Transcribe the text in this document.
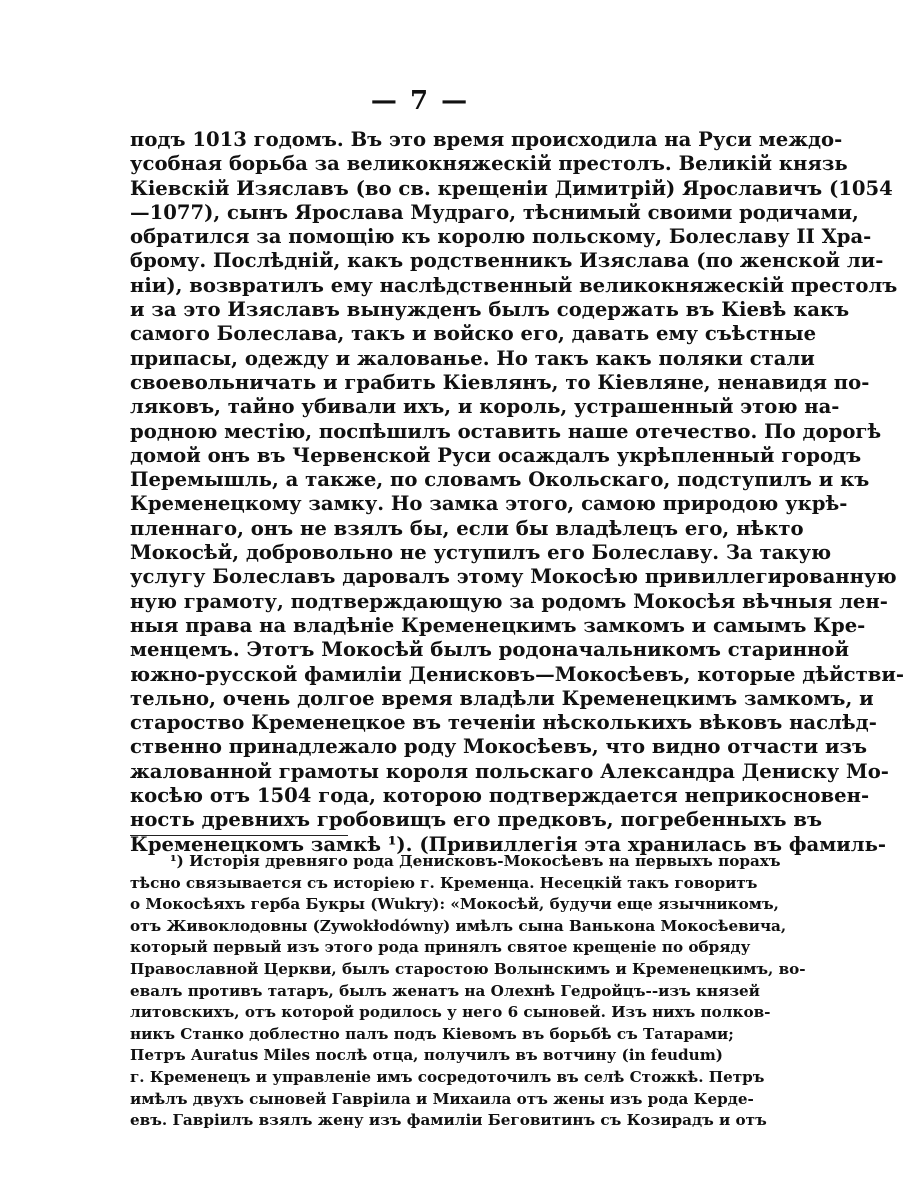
— 7 —
подъ 1013 годомъ. Въ это время происходила на Руси междо-
усобная борьба за великокняжескій престолъ. Великій князь
Кіевскій Изяславъ (во св. крещеніи Димитрій) Ярославичъ (1054
—1077), сынъ Ярослава Мудраго, тѣснимый своими родичами,
обратился за помощію къ королю польскому, Болеславу II Хра-
брому. Послѣдній, какъ родственникъ Изяслава (по женской ли-
ніи), возвратилъ ему наслѣдственный великокняжескій престолъ
и за это Изяславъ вынужденъ былъ содержать въ Кіевѣ какъ
самого Болеслава, такъ и войско его, давать ему съѣстные
припасы, одежду и жалованье. Но такъ какъ поляки стали
своевольничать и грабить Кіевлянъ, то Кіевляне, ненавидя по-
ляковъ, тайно убивали ихъ, и король, устрашенный этою на-
родною местію, поспѣшилъ оставить наше отечество. По дорогѣ
домой онъ въ Червенской Руси осаждалъ укрѣпленный городъ
Перемышль, а также, по словамъ Окольскаго, подступилъ и къ
Кременецкому замку. Но замка этого, самою природою укрѣ-
пленнаго, онъ не взялъ бы, если бы владѣлецъ его, нѣкто
Мокосѣй, добровольно не уступилъ его Болеславу. За такую
услугу Болеславъ даровалъ этому Мокосѣю привиллегированную
ную грамоту, подтверждающую за родомъ Мокосѣя вѣчныя лен-
ныя права на владѣніе Кременецкимъ замкомъ и самымъ Кре-
менцемъ. Этотъ Мокосѣй былъ родоначальникомъ старинной
южно-русской фамиліи Денисковъ—Мокосѣевъ, которые дѣйстви-
тельно, очень долгое время владѣли Кременецкимъ замкомъ, и
староство Кременецкое въ теченіи нѣсколькихъ вѣковъ наслѣд-
ственно принадлежало роду Мокосѣевъ, что видно отчасти изъ
жалованной грамоты короля польскаго Александра Дениску Мо-
косѣю отъ 1504 года, которою подтверждается неприкосновен-
ность древнихъ гробовищъ его предковъ, погребенныхъ въ
Кременецкомъ замкѣ ¹). (Привиллегія эта хранилась въ фамиль-
¹) Исторія древняго рода Денисковъ-Мокосѣевъ на первыхъ порахъ
тѣсно связывается съ исторіею г. Кременца. Несецкій такъ говоритъ
о Мокосѣяхъ герба Букры (Wukry): «Мокосѣй, будучи еще язычникомъ,
отъ Живоклодовны (Zywokłodówny) имѣлъ сына Ванькона Мокосѣевича,
который первый изъ этого рода принялъ святое крещеніе по обряду
Православной Церкви, былъ старостою Волынскимъ и Кременецкимъ, во-
евалъ противъ татаръ, былъ женатъ на Олехнѣ Гедройцъ--изъ князей
литовскихъ, отъ которой родилось у него 6 сыновей. Изъ нихъ полков-
никъ Станко доблестно палъ подъ Кіевомъ въ борьбѣ съ Татарами;
Петръ Auratus Miles послѣ отца, получилъ въ вотчину (in feudum)
г. Кременецъ и управленіе имъ сосредоточилъ въ селѣ Стожкѣ. Петръ
имѣлъ двухъ сыновей Гавріила и Михаила отъ жены изъ рода Керде-
евъ. Гавріилъ взялъ жену изъ фамиліи Беговитинъ съ Козирадъ и отъ
